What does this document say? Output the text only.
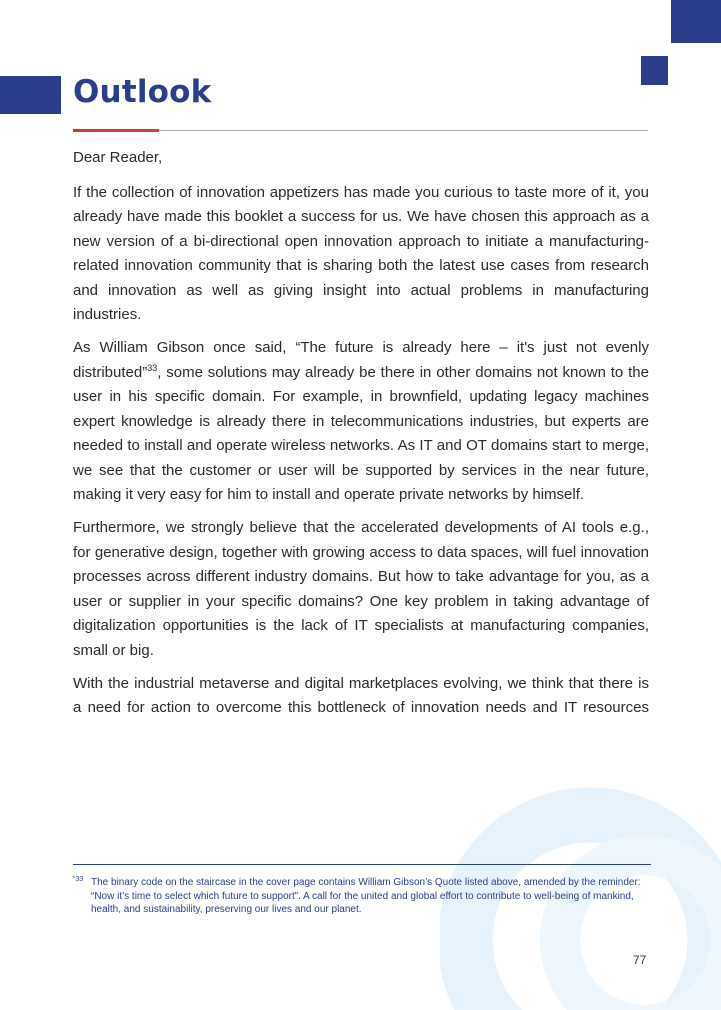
Outlook

Dear Reader,

If the collection of innovation appetizers has made you curious to taste more of it, you already have made this booklet a success for us. We have chosen this approach as a new version of a bi-directional open innovation approach to initiate a manufacturing-related innovation community that is sharing both the latest use cases from research and innovation as well as giving insight into actual problems in manufacturing industries.

As William Gibson once said, “The future is already here – it's just not evenly distributed”$^{33}$, some solutions may already be there in other domains not known to the user in his specific domain. For example, in brownfield, updating legacy machines expert knowledge is already there in telecommunications industries, but experts are needed to install and operate wireless networks. As IT and OT domains start to merge, we see that the customer or user will be supported by services in the near future, making it very easy for him to install and operate private networks by himself.

Furthermore, we strongly believe that the accelerated developments of AI tools e.g., for generative design, together with growing access to data spaces, will fuel innovation processes across different industry domains. But how to take advantage for you, as a user or supplier in your specific domains? One key problem in taking advantage of digitalization opportunities is the lack of IT specialists at manufacturing companies, small or big.

With the industrial metaverse and digital marketplaces evolving, we think that there is a need for action to overcome this bottleneck of innovation needs and IT resources

“33 The binary code on the staircase in the cover page contains William Gibson’s Quote listed above, amended by the reminder: “Now it’s time to select which future to support”. A call for the united and global effort to contribute to well-being of mankind, health, and sustainability, preserving our lives and our planet.
77
